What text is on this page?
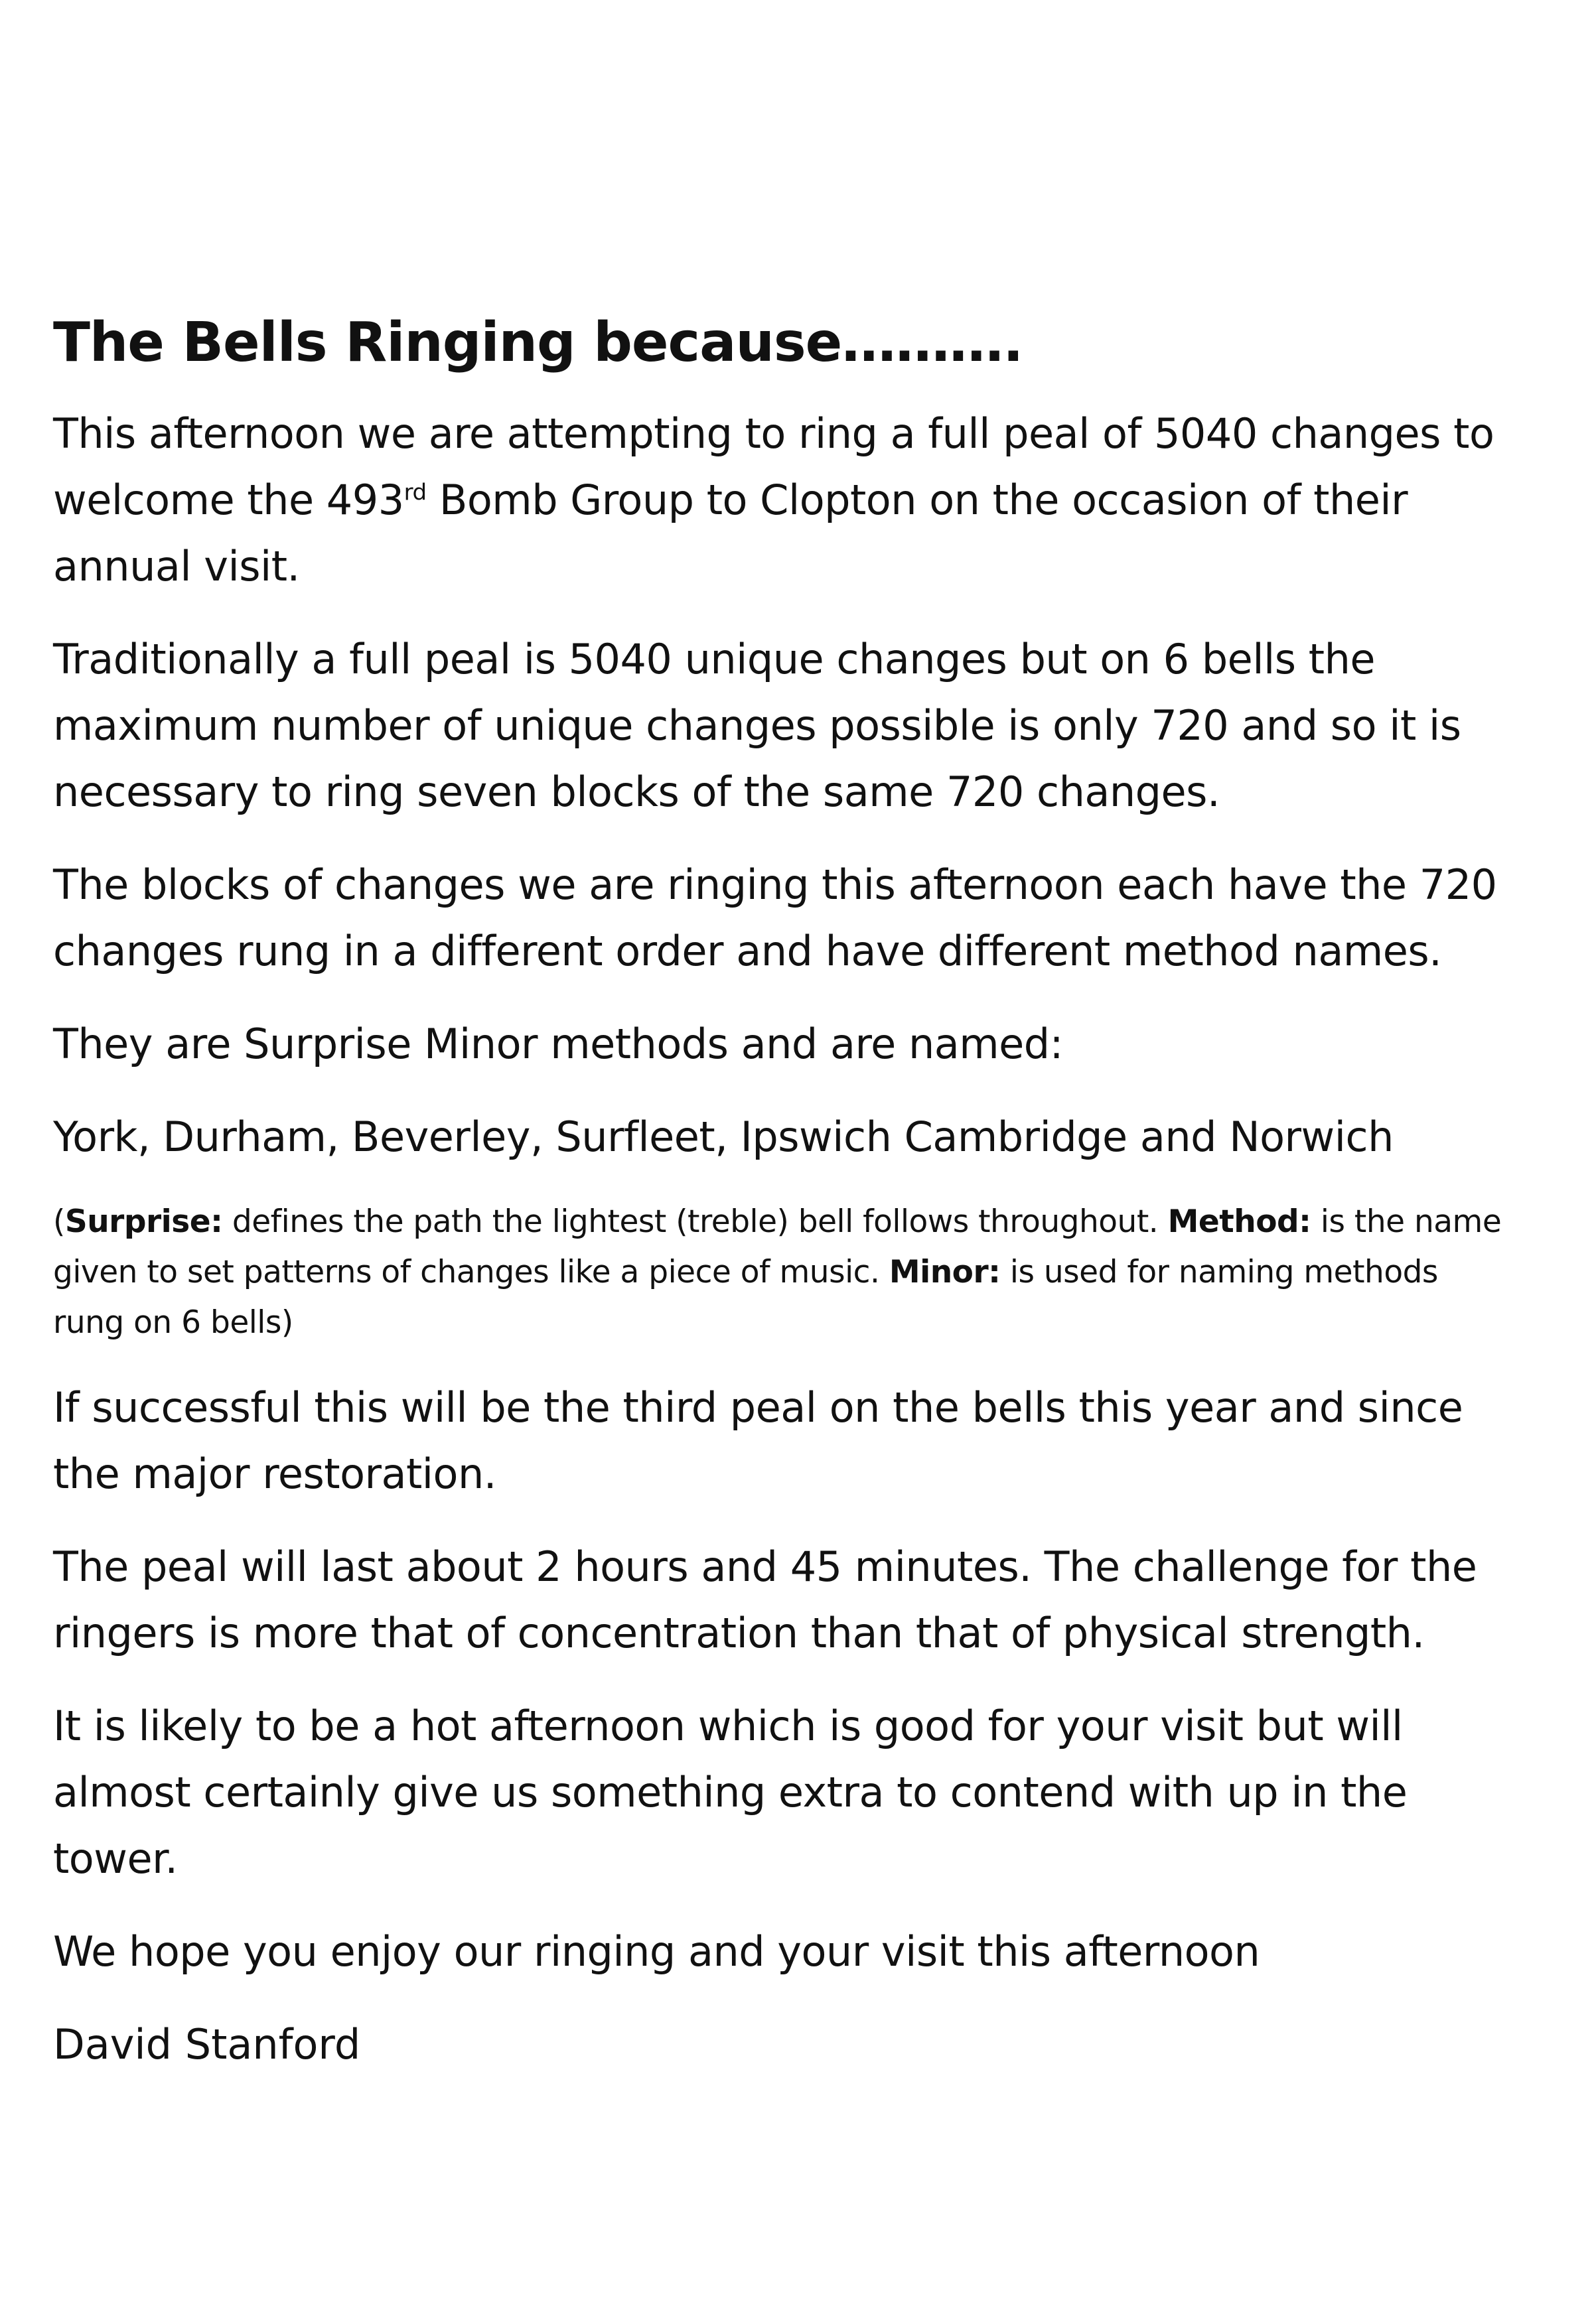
The Bells Ringing because……….

This afternoon we are attempting to ring a full peal of 5040 changes to welcome the 493rd Bomb Group to Clopton on the occasion of their annual visit.

Traditionally a full peal is 5040 unique changes but on 6 bells the maximum number of unique changes possible is only 720 and so it is necessary to ring seven blocks of the same 720 changes.

The blocks of changes we are ringing this afternoon each have the 720 changes rung in a different order and have different method names.

They are Surprise Minor methods and are named:

York, Durham, Beverley, Surfleet, Ipswich Cambridge and Norwich

(Surprise: defines the path the lightest (treble) bell follows throughout. Method: is the name given to set patterns of changes like a piece of music. Minor: is used for naming methods rung on 6 bells)

If successful this will be the third peal on the bells this year and since the major restoration.

The peal will last about 2 hours and 45 minutes. The challenge for the ringers is more that of concentration than that of physical strength.

It is likely to be a hot afternoon which is good for your visit but will almost certainly give us something extra to contend with up in the tower.

We hope you enjoy our ringing and your visit this afternoon

David Stanford
